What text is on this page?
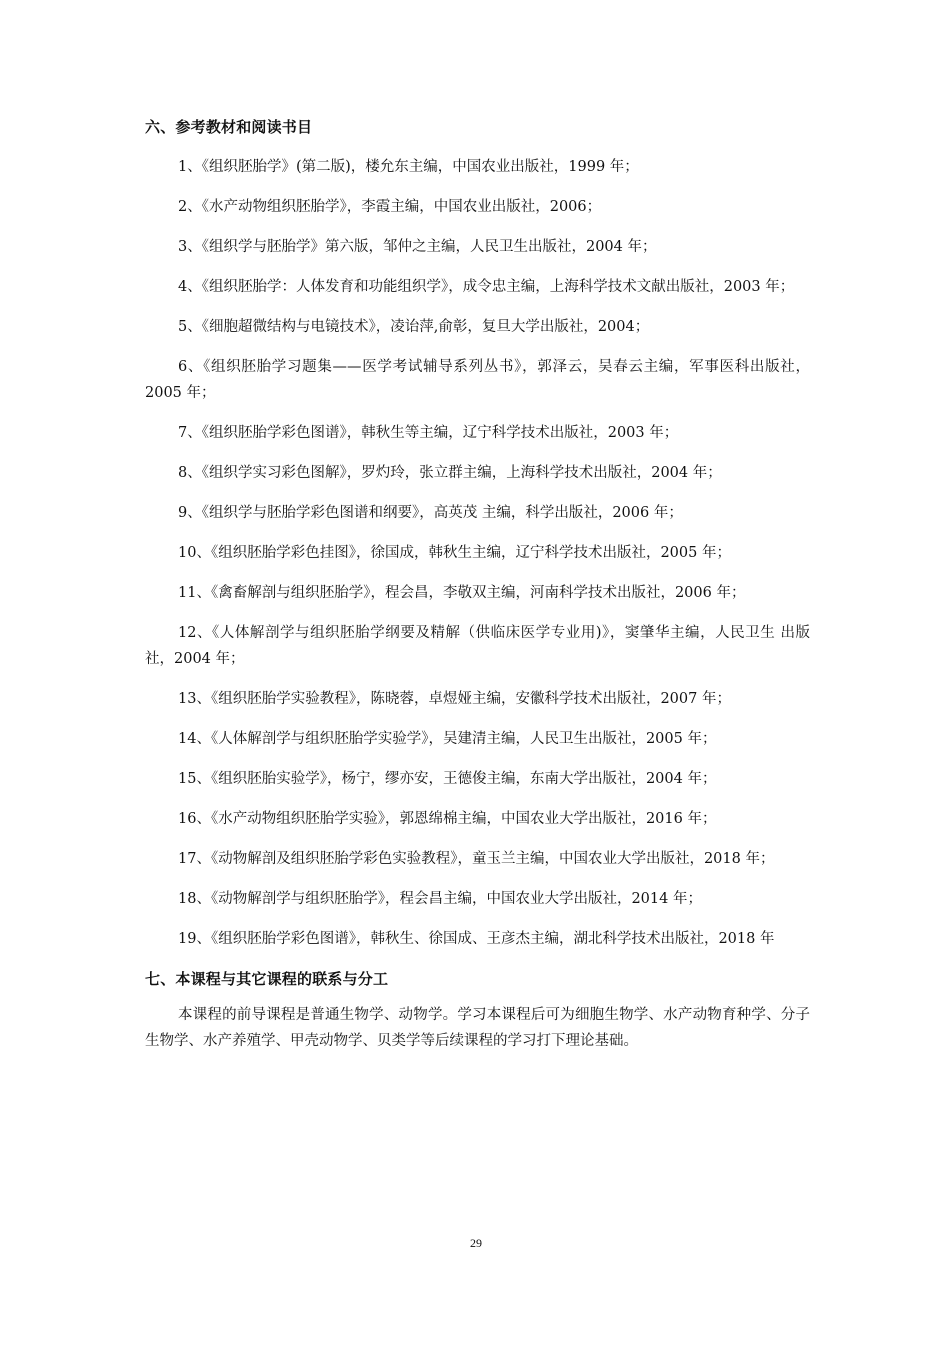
六、参考教材和阅读书目
1、《组织胚胎学》(第二版)，楼允东主编，中国农业出版社，1999 年；
2、《水产动物组织胚胎学》，李霞主编，中国农业出版社，2006；
3、《组织学与胚胎学》第六版，邹仲之主编，人民卫生出版社，2004 年；
4、《组织胚胎学：人体发育和功能组织学》，成令忠主编，上海科学技术文献出版社，2003 年；
5、《细胞超微结构与电镜技术》，凌诒萍,俞彰，复旦大学出版社，2004；
6、《组织胚胎学习题集——医学考试辅导系列丛书》，郭泽云，吴春云主编，军事医科出版社，2005 年；
7、《组织胚胎学彩色图谱》，韩秋生等主编，辽宁科学技术出版社，2003 年；
8、《组织学实习彩色图解》，罗灼玲，张立群主编，上海科学技术出版社，2004 年；
9、《组织学与胚胎学彩色图谱和纲要》，高英茂 主编，科学出版社，2006 年；
10、《组织胚胎学彩色挂图》，徐国成，韩秋生主编，辽宁科学技术出版社，2005 年；
11、《禽畜解剖与组织胚胎学》，程会昌，李敬双主编，河南科学技术出版社，2006 年；
12、《人体解剖学与组织胚胎学纲要及精解（供临床医学专业用)》，窦肇华主编，人民卫生 出版社，2004 年；
13、《组织胚胎学实验教程》，陈晓蓉，卓煜娅主编，安徽科学技术出版社，2007 年；
14、《人体解剖学与组织胚胎学实验学》，吴建清主编，人民卫生出版社，2005 年；
15、《组织胚胎实验学》，杨宁，缪亦安，王德俊主编，东南大学出版社，2004 年；
16、《水产动物组织胚胎学实验》，郭恩绵棉主编，中国农业大学出版社，2016 年；
17、《动物解剖及组织胚胎学彩色实验教程》，童玉兰主编，中国农业大学出版社，2018 年；
18、《动物解剖学与组织胚胎学》，程会昌主编，中国农业大学出版社，2014 年；
19、《组织胚胎学彩色图谱》，韩秋生、徐国成、王彦杰主编，湖北科学技术出版社，2018 年
七、本课程与其它课程的联系与分工

本课程的前导课程是普通生物学、动物学。学习本课程后可为细胞生物学、水产动物育种学、分子生物学、水产养殖学、甲壳动物学、贝类学等后续课程的学习打下理论基础。

29
